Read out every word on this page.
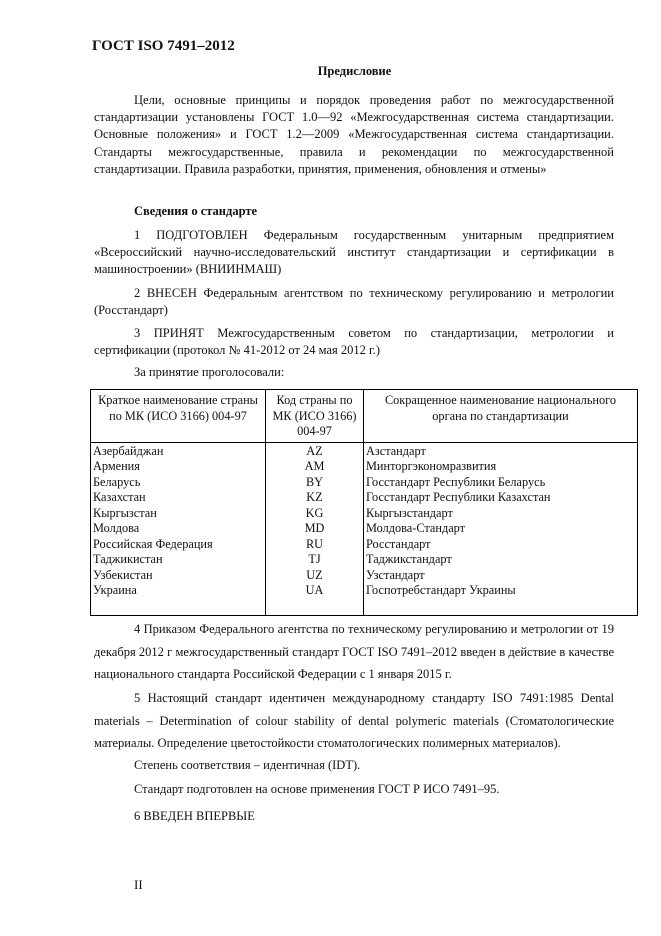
ГОСТ ISO 7491–2012
Предисловие

Цели, основные принципы и порядок проведения работ по межгосударственной стандартизации установлены ГОСТ 1.0—92 «Межгосударственная система стандартизации. Основные положения» и ГОСТ 1.2—2009 «Межгосударственная система стандартизации. Стандарты межгосударственные, правила и рекомендации по межгосударственной стандартизации. Правила разработки, принятия, применения, обновления и отмены»

Сведения о стандарте

1 ПОДГОТОВЛЕН Федеральным государственным унитарным предприятием «Всероссийский научно-исследовательский институт стандартизации и сертификации в машиностроении» (ВНИИНМАШ)

2 ВНЕСЕН Федеральным агентством по техническому регулированию и метрологии (Росстандарт)

3 ПРИНЯТ Межгосударственным советом по стандартизации, метрологии и сертификации (протокол № 41-2012 от 24 мая 2012 г.)

За принятие проголосовали:

Краткое наименование страны по МК (ИСО 3166) 004-97	Код страны по МК (ИСО 3166) 004-97	Сокращенное наименование национального органа по стандартизации
Азербайджан	AZ	Азстандарт
Армения	AM	Минторгэкономразвития
Беларусь	BY	Госстандарт Республики Беларусь
Казахстан	KZ	Госстандарт Республики Казахстан
Кыргызстан	KG	Кыргызстандарт
Молдова	MD	Молдова-Стандарт
Российская Федерация	RU	Росстандарт
Таджикистан	TJ	Таджикстандарт
Узбекистан	UZ	Узстандарт
Украина	UA	Госпотребстандарт Украины

4 Приказом Федерального агентства по техническому регулированию и метрологии от 19 декабря 2012 г межгосударственный стандарт ГОСТ ISO 7491–2012 введен в действие в качестве национального стандарта Российской Федерации с 1 января 2015 г.

5 Настоящий стандарт идентичен международному стандарту ISO 7491:1985 Dental materials – Determination of colour stability of dental polymeric materials (Стоматологические материалы. Определение цветостойкости стоматологических полимерных материалов).

Степень соответствия – идентичная (IDT).

Стандарт подготовлен на основе применения ГОСТ Р ИСО 7491–95.

6 ВВЕДЕН ВПЕРВЫЕ

II
